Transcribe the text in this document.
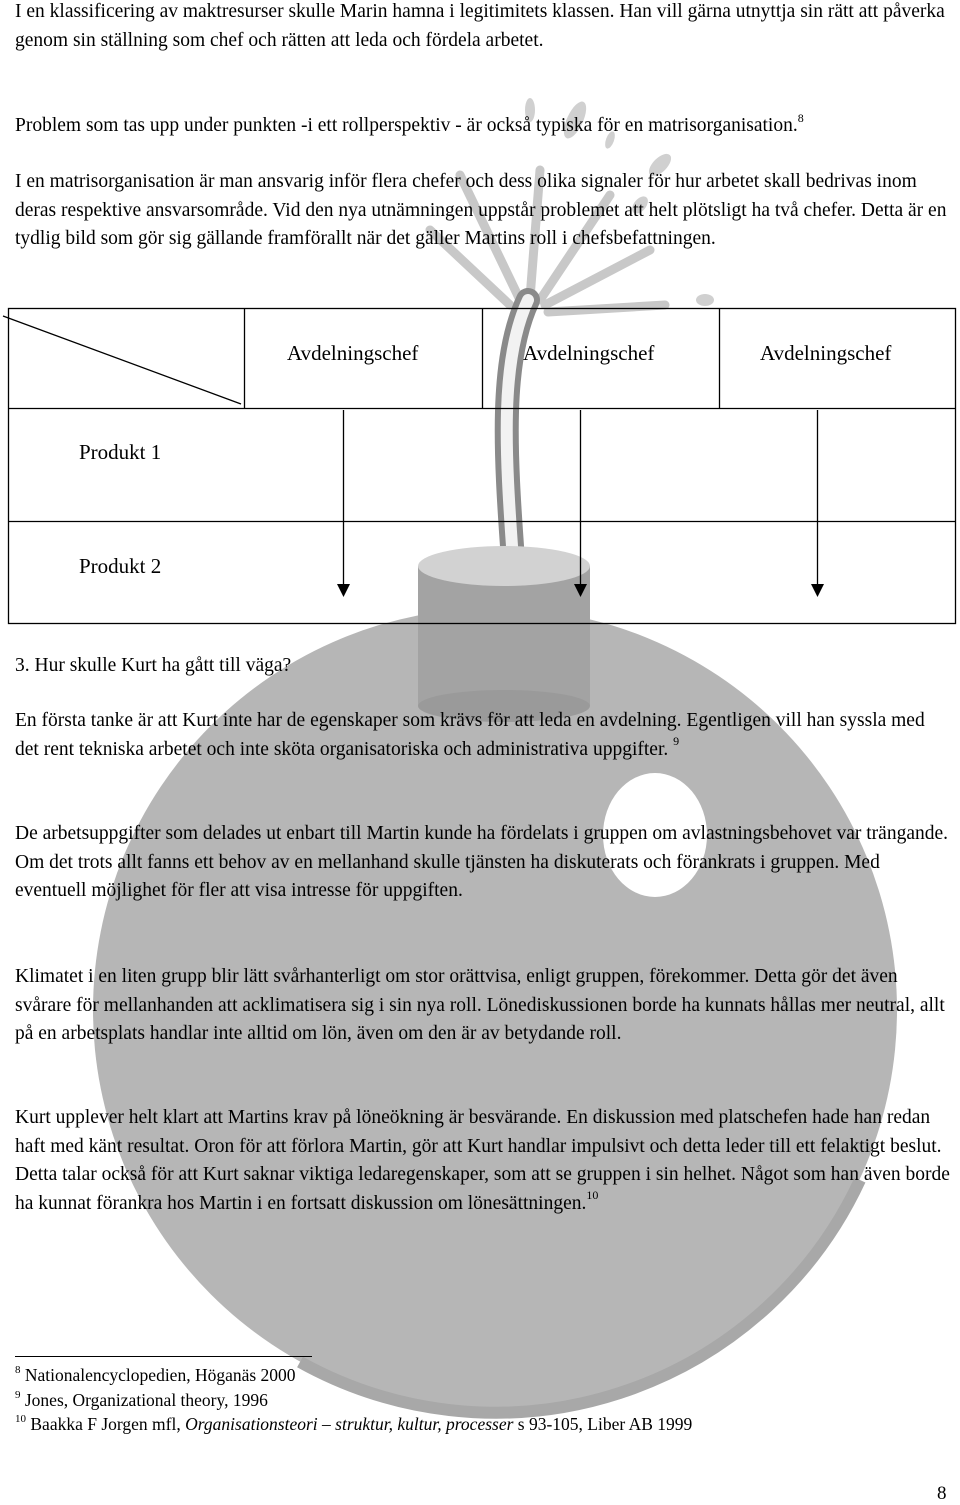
I en klassificering av maktresurser skulle Marin hamna i legitimitets klassen. Han vill gärna utnyttja sin rätt att påverka genom sin ställning som chef och rätten att leda och fördela arbetet.

Problem som tas upp under punkten -i ett rollperspektiv - är också typiska för en matrisorganisation.$^8$

I en matrisorganisation är man ansvarig inför flera chefer och dess olika signaler för hur arbetet skall bedrivas inom deras respektive ansvarsområde. Vid den nya utnämningen uppstår problemet att helt plötsligt ha två chefer. Detta är en tydlig bild som gör sig gällande framförallt när det gäller Martins roll i chefsbefattningen.

Avdelningschef	Avdelningschef	Avdelningschef
Produkt 1
Produkt 2

3. Hur skulle Kurt ha gått till väga?

En första tanke är att Kurt inte har de egenskaper som krävs för att leda en avdelning. Egentligen vill han syssla med det rent tekniska arbetet och inte sköta organisatoriska och administrativa uppgifter. $^9$

De arbetsuppgifter som delades ut enbart till Martin kunde ha fördelats i gruppen om avlastningsbehovet var trängande. Om det trots allt fanns ett behov av en mellanhand skulle tjänsten ha diskuterats och förankrats i gruppen. Med eventuell möjlighet för fler att visa intresse för uppgiften.

Klimatet i en liten grupp blir lätt svårhanterligt om stor orättvisa, enligt gruppen, förekommer. Detta gör det även svårare för mellanhanden att acklimatisera sig i sin nya roll. Lönediskussionen borde ha kunnats hållas mer neutral, allt på en arbetsplats handlar inte alltid om lön, även om den är av betydande roll.

Kurt upplever helt klart att Martins krav på löneökning är besvärande. En diskussion med platschefen hade han redan haft med känt resultat. Oron för att förlora Martin, gör att Kurt handlar impulsivt och detta leder till ett felaktigt beslut. Detta talar också för att Kurt saknar viktiga ledaregenskaper, som att se gruppen i sin helhet. Något som han även borde ha kunnat förankra hos Martin i en fortsatt diskussion om lönesättningen.$^{10}$

$^8$ Nationalencyclopedien, Höganäs 2000

$^9$ Jones, Organizational theory, 1996

$^{10}$ Baakka F Jorgen mfl, Organisationsteori – struktur, kultur, processer s 93-105, Liber AB 1999

8
